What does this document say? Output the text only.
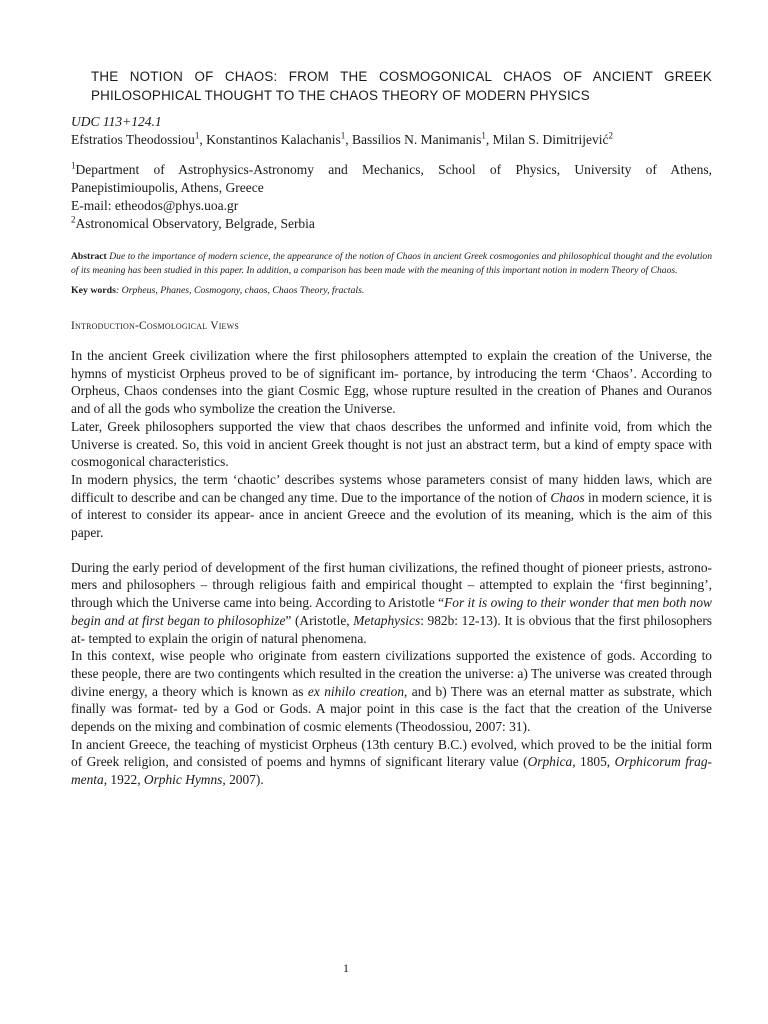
THE NOTION OF CHAOS: FROM THE COSMOGONICAL CHAOS OF ANCIENT GREEK PHILOSOPHICAL THOUGHT TO THE CHAOS THEORY OF MODERN PHYSICS
UDC 113+124.1
Efstratios Theodossiou$^1$, Konstantinos Kalachanis$^1$, Bassilios N. Manimanis$^1$, Milan S. Dimitrijević$^2$
$^1$Department of Astrophysics-Astronomy and Mechanics, School of Physics, University of Athens, Panepistimioupolis, Athens, Greece
E-mail: etheodos@phys.uoa.gr
$^2$Astronomical Observatory, Belgrade, Serbia
Abstract Due to the importance of modern science, the appearance of the notion of Chaos in ancient Greek cosmogonies and philosophical thought and the evolution of its meaning has been studied in this paper. In addition, a comparison has been made with the meaning of this important notion in modern Theory of Chaos.
Key words: Orpheus, Phanes, Cosmogony, chaos, Chaos Theory, fractals.
Introduction-Cosmological Views

In the ancient Greek civilization where the first philosophers attempted to explain the creation of the Universe, the hymns of mysticist Orpheus proved to be of significant im- portance, by introducing the term ‘Chaos’. According to Orpheus, Chaos condenses into the giant Cosmic Egg, whose rupture resulted in the creation of Phanes and Ouranos and of all the gods who symbolize the creation the Universe.

Later, Greek philosophers supported the view that chaos describes the unformed and infinite void, from which the Universe is created. So, this void in ancient Greek thought is not just an abstract term, but a kind of empty space with cosmogonical characteristics.

In modern physics, the term ‘chaotic’ describes systems whose parameters consist of many hidden laws, which are difficult to describe and can be changed any time. Due to the importance of the notion of Chaos in modern science, it is of interest to consider its appear- ance in ancient Greece and the evolution of its meaning, which is the aim of this paper.

During the early period of development of the first human civilizations, the refined thought of pioneer priests, astrono- mers and philosophers – through religious faith and empirical thought – attempted to explain the ‘first beginning’, through which the Universe came into being. According to Aristotle “For it is owing to their wonder that men both now begin and at first began to philosophize” (Aristotle, Metaphysics: 982b: 12-13). It is obvious that the first philosophers at- tempted to explain the origin of natural phenomena.

In this context, wise people who originate from eastern civilizations supported the existence of gods. According to these people, there are two contingents which resulted in the creation the universe: a) The universe was created through divine energy, a theory which is known as ex nihilo creation, and b) There was an eternal matter as substrate, which finally was format- ted by a God or Gods. A major point in this case is the fact that the creation of the Universe depends on the mixing and combination of cosmic elements (Theodossiou, 2007: 31).

In ancient Greece, the teaching of mysticist Orpheus (13th century B.C.) evolved, which proved to be the initial form of Greek religion, and consisted of poems and hymns of significant literary value (Orphica, 1805, Orphicorum frag- menta, 1922, Orphic Hymns, 2007).

1
